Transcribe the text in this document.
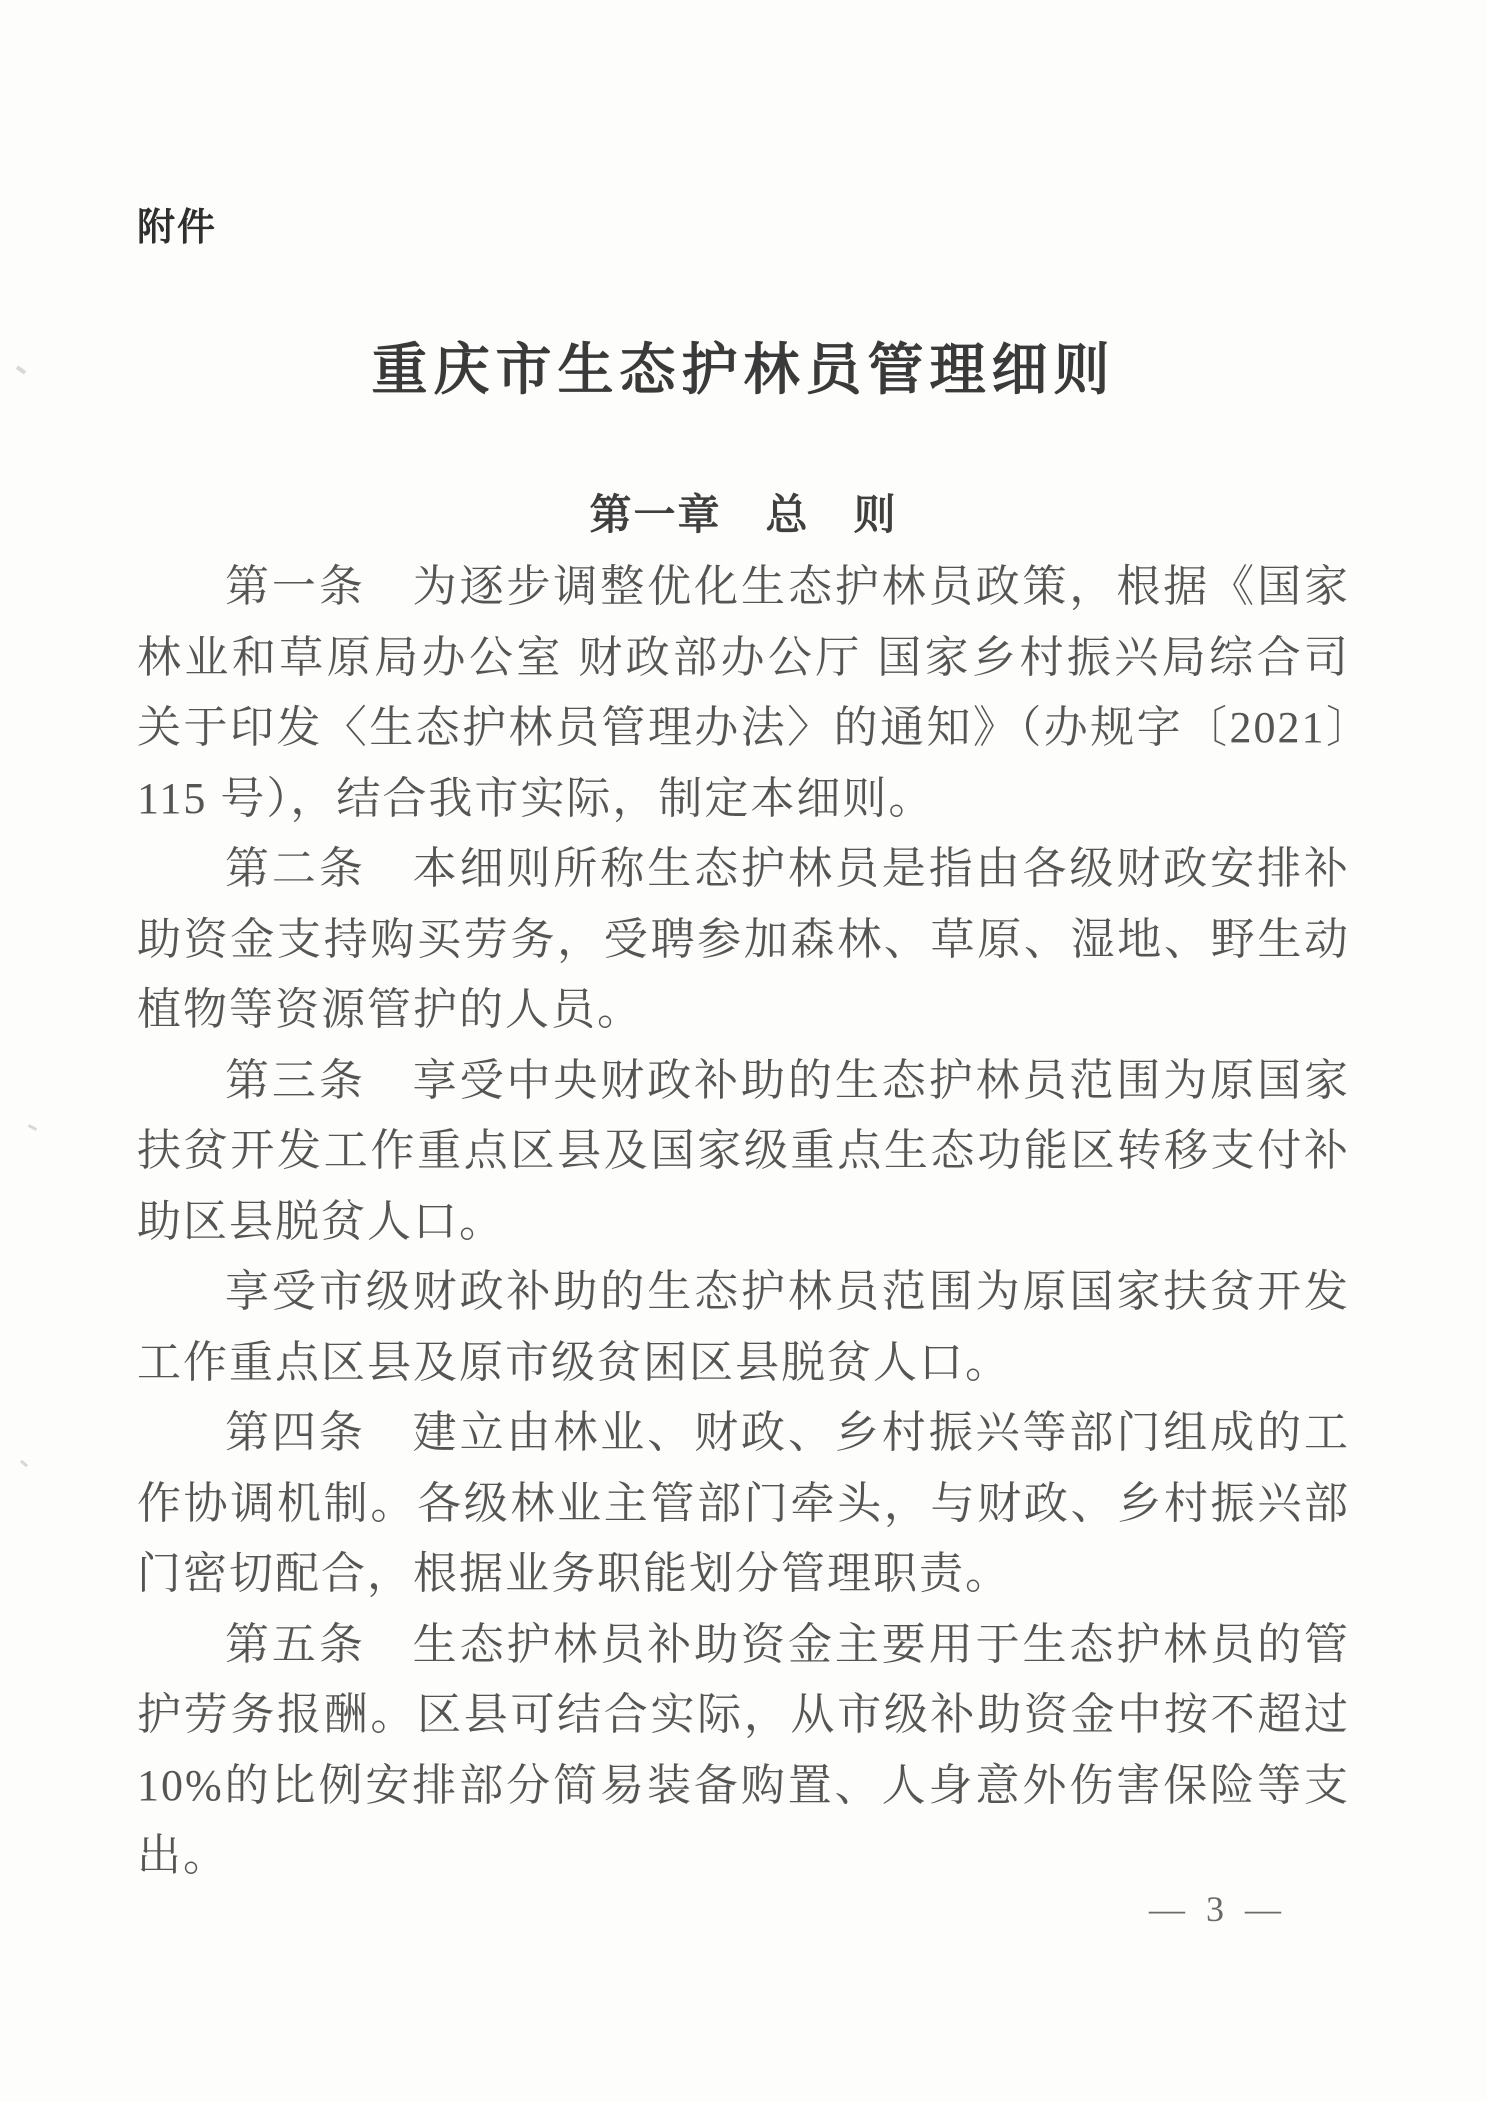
附件
重庆市生态护林员管理细则
第一章　总　则

第一条　为逐步调整优化生态护林员政策，根据《国家林业和草原局办公室 财政部办公厅 国家乡村振兴局综合司关于印发〈生态护林员管理办法〉的通知》（办规字〔2021〕115 号），结合我市实际，制定本细则。

第二条　本细则所称生态护林员是指由各级财政安排补助资金支持购买劳务，受聘参加森林、草原、湿地、野生动植物等资源管护的人员。

第三条　享受中央财政补助的生态护林员范围为原国家扶贫开发工作重点区县及国家级重点生态功能区转移支付补助区县脱贫人口。

享受市级财政补助的生态护林员范围为原国家扶贫开发工作重点区县及原市级贫困区县脱贫人口。

第四条　建立由林业、财政、乡村振兴等部门组成的工作协调机制。各级林业主管部门牵头，与财政、乡村振兴部门密切配合，根据业务职能划分管理职责。

第五条　生态护林员补助资金主要用于生态护林员的管护劳务报酬。区县可结合实际，从市级补助资金中按不超过 10%的比例安排部分简易装备购置、人身意外伤害保险等支出。

— 3 —
